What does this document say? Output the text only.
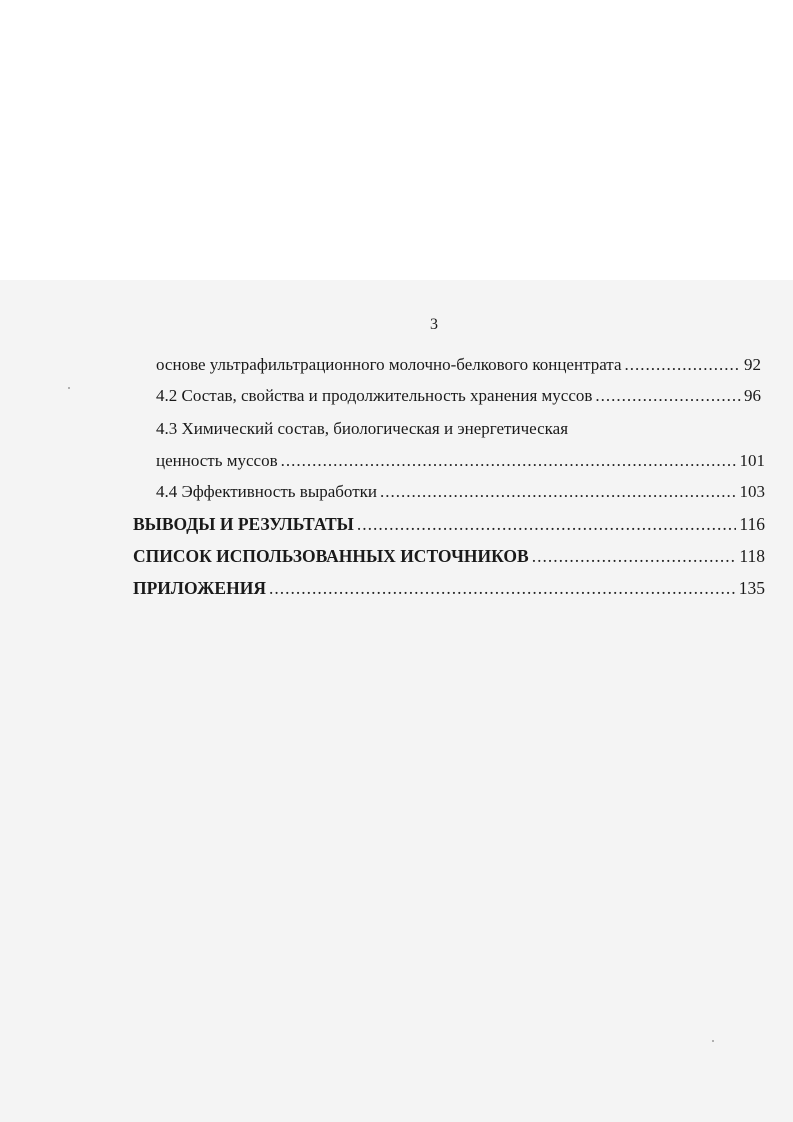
3
основе ультрафильтрационного молочно-белкового концентрата .....	92
4.2 Состав, свойства и продолжительность хранения муссов .....	96
4.3 Химический состав, биологическая и энергетическая
ценность муссов .....	101
4.4 Эффективность выработки .....	103
ВЫВОДЫ И РЕЗУЛЬТАТЫ .....	116
СПИСОК ИСПОЛЬЗОВАННЫХ ИСТОЧНИКОВ .....	118
ПРИЛОЖЕНИЯ .....	135
